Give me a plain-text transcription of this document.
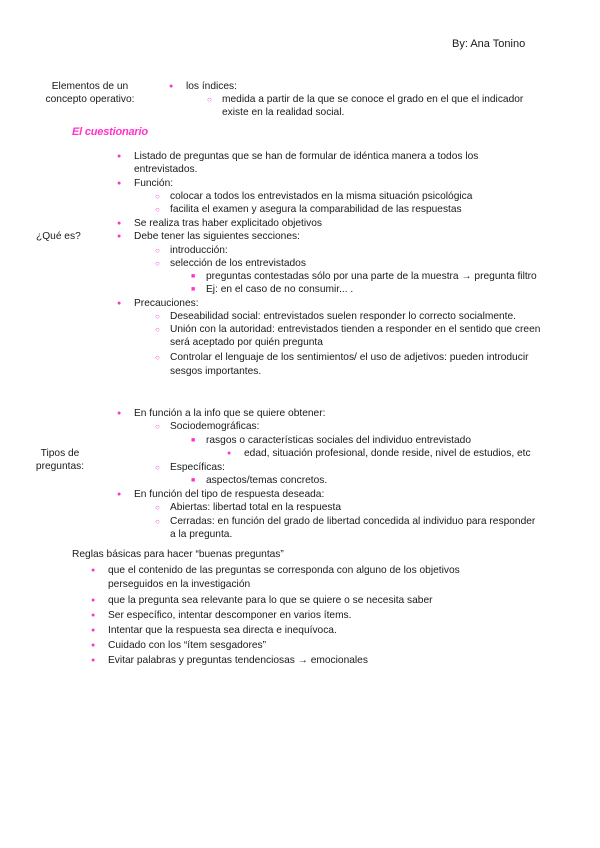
By: Ana Tonino
Elementos de un
concepto operativo:
● los índices:
○ medida a partir de la que se conoce el grado en el que el indicador
existe en la realidad social.
El cuestionario
¿Qué es?
● Listado de preguntas que se han de formular de idéntica manera a todos los
entrevistados.
● Función:
○ colocar a todos los entrevistados en la misma situación psicológica
○ facilita el examen y asegura la comparabilidad de las respuestas
● Se realiza tras haber explicitado objetivos
● Debe tener las siguientes secciones:
○ introducción:
○ selección de los entrevistados
■ preguntas contestadas sólo por una parte de la muestra → pregunta filtro
■ Ej: en el caso de no consumir... .
● Precauciones:
○ Deseabilidad social: entrevistados suelen responder lo correcto socialmente.
○ Unión con la autoridad: entrevistados tienden a responder en el sentido que creen
será aceptado por quién pregunta
○ Controlar el lenguaje de los sentimientos/ el uso de adjetivos: pueden introducir
sesgos importantes.
Tipos de
preguntas:
● En función a la info que se quiere obtener:
○ Sociodemográficas:
■ rasgos o características sociales del individuo entrevistado
● edad, situación profesional, donde reside, nivel de estudios, etc
○ Específicas:
■ aspectos/temas concretos.
● En función del tipo de respuesta deseada:
○ Abiertas: libertad total en la respuesta
○ Cerradas: en función del grado de libertad concedida al individuo para responder
a la pregunta.
Reglas básicas para hacer “buenas preguntas”
● que el contenido de las preguntas se corresponda con alguno de los objetivos
perseguidos en la investigación
● que la pregunta sea relevante para lo que se quiere o se necesita saber
● Ser específico, intentar descomponer en varios ítems.
● Intentar que la respuesta sea directa e inequívoca.
● Cuidado con los “ítem sesgadores”
● Evitar palabras y preguntas tendenciosas → emocionales
